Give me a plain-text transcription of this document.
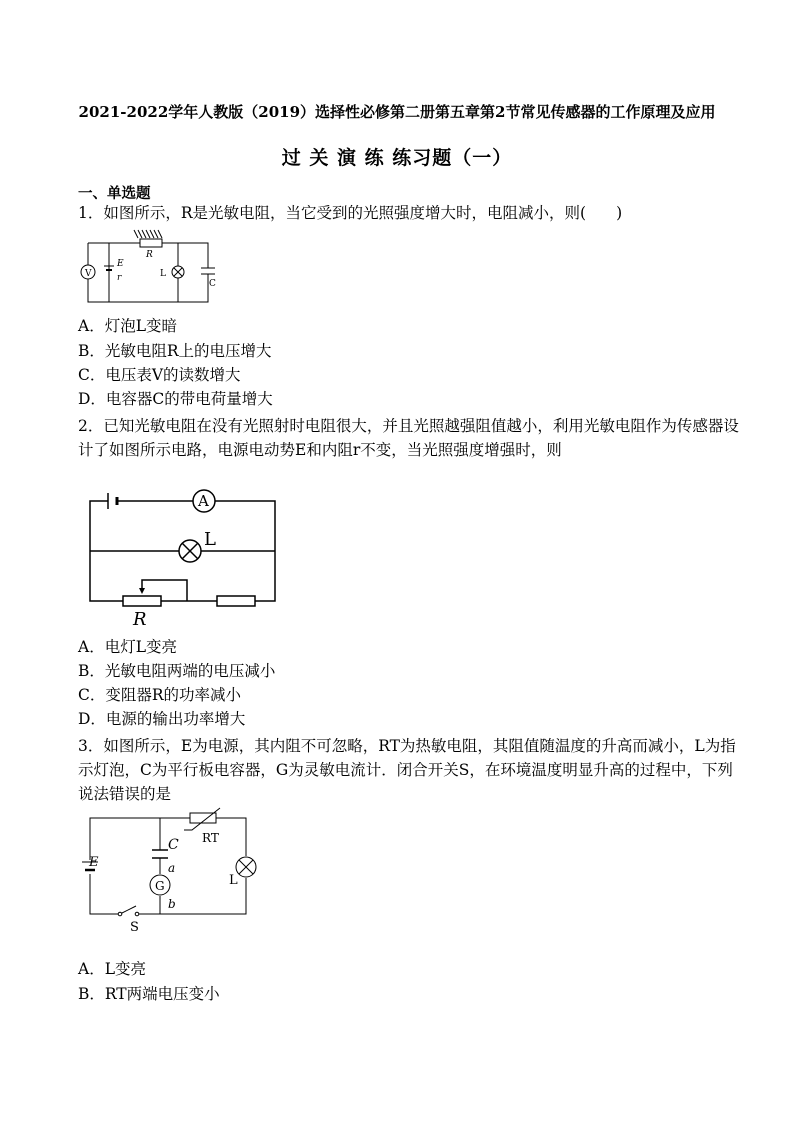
2021-2022学年人教版（2019）选择性必修第二册第五章第2节常见传感器的工作原理及应用
过 关 演 练 练习题（一）
一、单选题
1．如图所示，R是光敏电阻，当它受到的光照强度增大时，电阻减小，则( )
V
E
r
R
L
C
A．灯泡L变暗
B．光敏电阻R上的电压增大
C．电压表V的读数增大
D．电容器C的带电荷量增大
2．已知光敏电阻在没有光照射时电阻很大，并且光照越强阻值越小，利用光敏电阻作为传感器设计了如图所示电路，电源电动势E和内阻r不变，当光照强度增强时，则
A
L
R
A．电灯L变亮
B．光敏电阻两端的电压减小
C．变阻器R的功率减小
D．电源的输出功率增大
3．如图所示，E为电源，其内阻不可忽略，RT为热敏电阻，其阻值随温度的升高而减小，L为指示灯泡，C为平行板电容器，G为灵敏电流计．闭合开关S，在环境温度明显升高的过程中，下列说法错误的是
C RT
E	a
G
b
L
S
A．L变亮
B．RT两端电压变小
